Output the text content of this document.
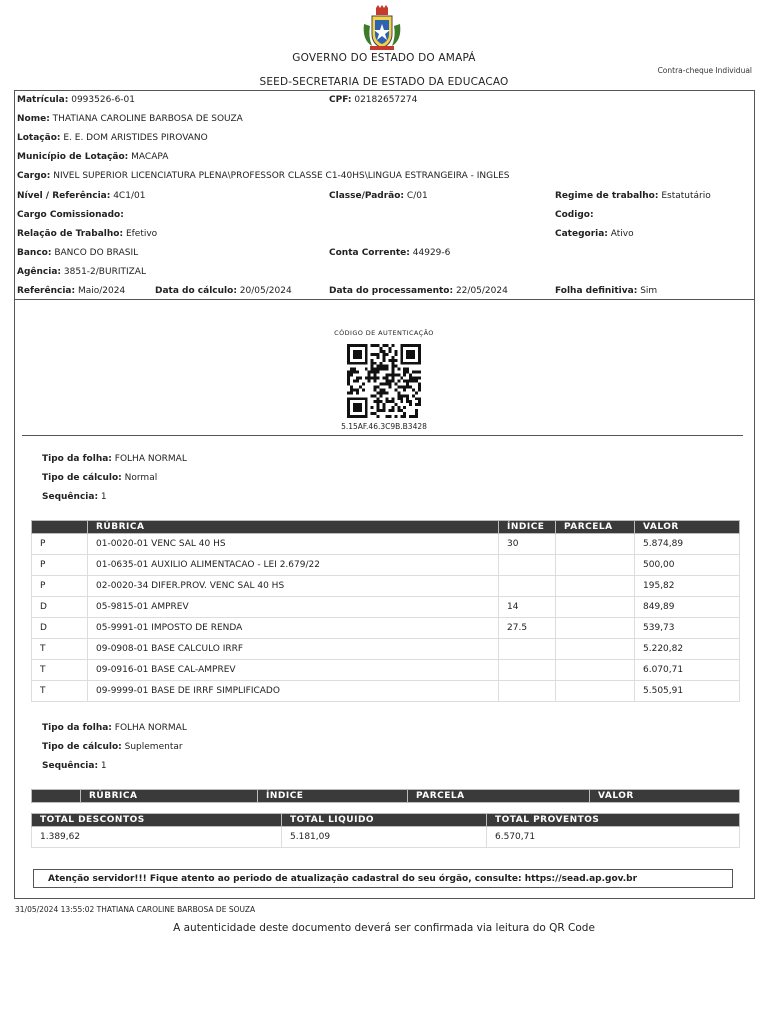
GOVERNO DO ESTADO DO AMAPÁ
Contra-cheque Individual
SEED-SECRETARIA DE ESTADO DA EDUCACAO
Matrícula: 0993526-6-01	CPF: 02182657274
Nome: THATIANA CAROLINE BARBOSA DE SOUZA
Lotação: E. E. DOM ARISTIDES PIROVANO
Município de Lotação: MACAPA
Cargo: NIVEL SUPERIOR LICENCIATURA PLENA\PROFESSOR CLASSE C1-40HS\LINGUA ESTRANGEIRA - INGLES
Nível / Referência: 4C1/01	Classe/Padrão: C/01	Regime de trabalho: Estatutário
Cargo Comissionado:	Codigo:
Relação de Trabalho: Efetivo	Categoria: Ativo
Banco: BANCO DO BRASIL	Conta Corrente: 44929-6
Agência: 3851-2/BURITIZAL
Referência: Maio/2024	Data do cálculo: 20/05/2024	Data do processamento: 22/05/2024	Folha definitiva: Sim
CÓDIGO DE AUTENTICAÇÃO
5.15AF.46.3C9B.B3428
Tipo da folha: FOLHA NORMAL
Tipo de cálculo: Normal
Sequência: 1
	RÚBRICA	ÍNDICE	PARCELA	VALOR
P	01-0020-01 VENC SAL 40 HS	30		5.874,89
P	01-0635-01 AUXILIO ALIMENTACAO - LEI 2.679/22			500,00
P	02-0020-34 DIFER.PROV. VENC SAL 40 HS			195,82
D	05-9815-01 AMPREV	14		849,89
D	05-9991-01 IMPOSTO DE RENDA	27.5		539,73
T	09-0908-01 BASE CALCULO IRRF			5.220,82
T	09-0916-01 BASE CAL-AMPREV			6.070,71
T	09-9999-01 BASE DE IRRF SIMPLIFICADO			5.505,91
Tipo da folha: FOLHA NORMAL
Tipo de cálculo: Suplementar
Sequência: 1
	RÚBRICA	ÍNDICE	PARCELA	VALOR
TOTAL DESCONTOS	TOTAL LIQUIDO	TOTAL PROVENTOS
1.389,62	5.181,09	6.570,71
Atenção servidor!!! Fique atento ao periodo de atualização cadastral do seu órgão, consulte: https://sead.ap.gov.br
31/05/2024 13:55:02 THATIANA CAROLINE BARBOSA DE SOUZA
A autenticidade deste documento deverá ser confirmada via leitura do QR Code
